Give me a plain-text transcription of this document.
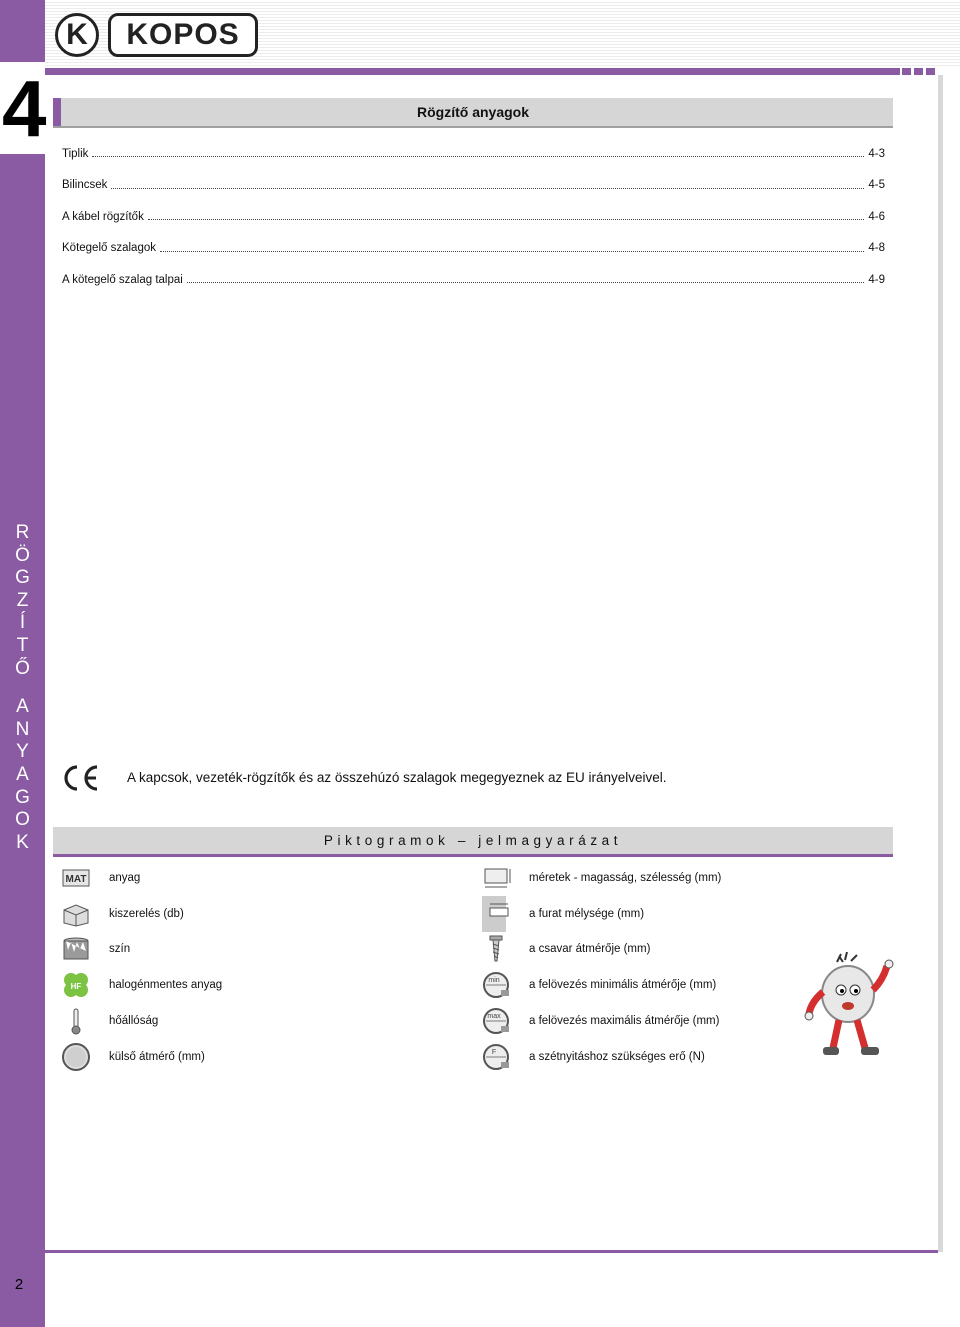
4
R
Ö
G
Z
Í
T
Ő
A
N
Y
A
G
O
K
K	KOPOS
Rögzítő anyagok
Tiplik	4-3
Bilincsek	4-5
A kábel rögzítők	4-6
Kötegelő szalagok	4-8
A kötegelő szalag talpai	4-9
A kapcsok, vezeték-rögzítők és az összehúzó szalagok megegyeznek az EU irányelveivel.
Piktogramok – jelmagyarázat
MAT anyag
kiszerelés (db)
szín
HF halogénmentes anyag
hőállóság
külső átmérő (mm)
méretek - magasság, szélesség (mm)
a furat mélysége (mm)
a csavar átmérője (mm)
min	a felövezés minimális átmérője (mm)
max a felövezés maximális átmérője (mm)
F	a szétnyitáshoz szükséges erő (N)
2
